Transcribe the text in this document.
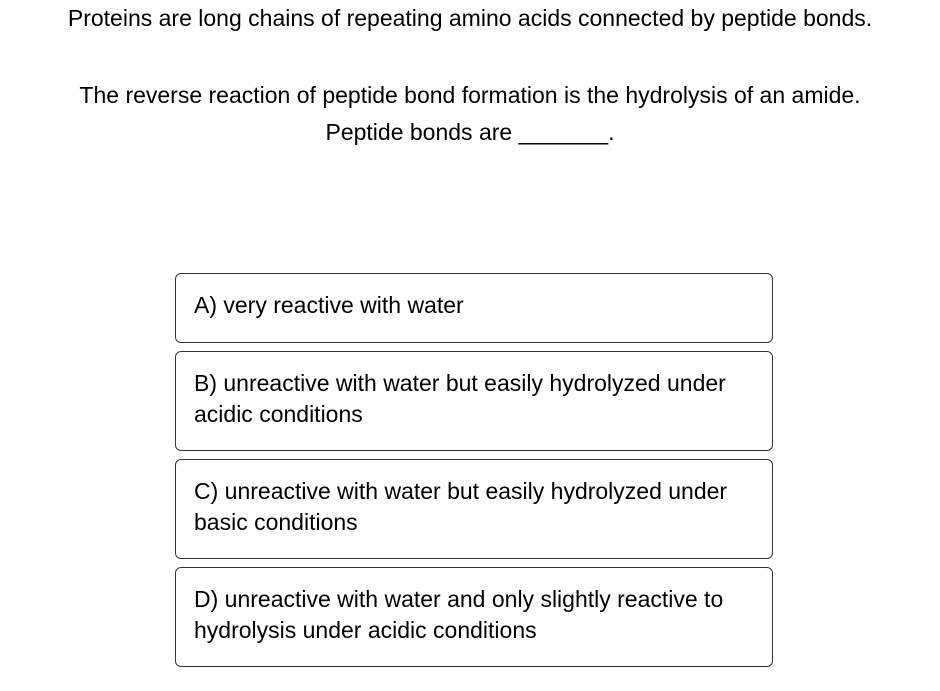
Proteins are long chains of repeating amino acids connected by peptide bonds.
The reverse reaction of peptide bond formation is the hydrolysis of an amide.
Peptide bonds are _______.
A) very reactive with water
B) unreactive with water but easily hydrolyzed under acidic conditions
C) unreactive with water but easily hydrolyzed under basic conditions
D) unreactive with water and only slightly reactive to hydrolysis under acidic conditions
